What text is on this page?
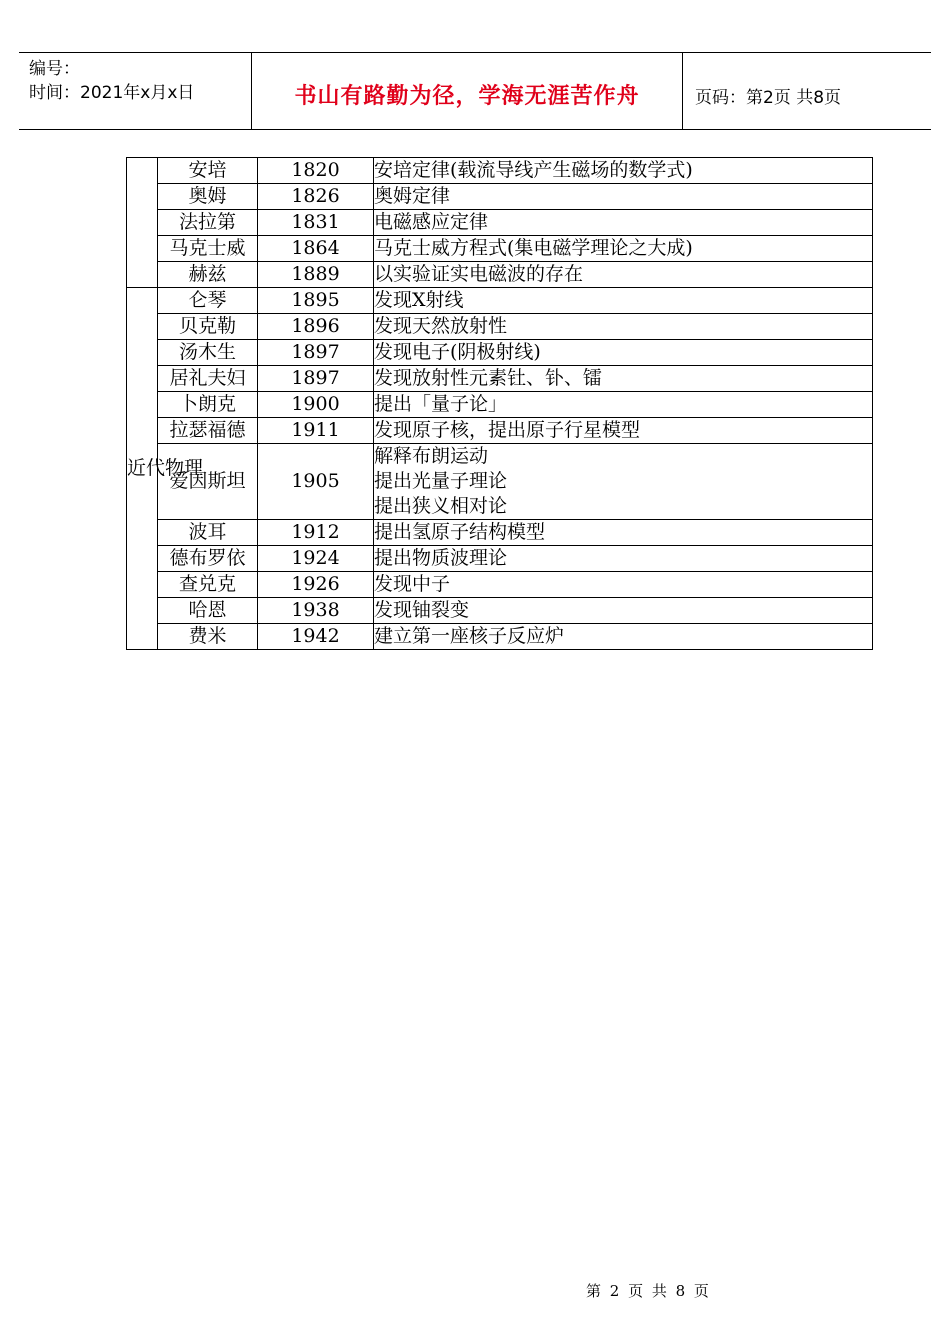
编号：
时间：2021年x月x日	书山有路勤为径，学海无涯苦作舟	页码：第2页 共8页
	安培	1820	安培定律(载流导线产生磁场的数学式)

	奥姆	1826	奥姆定律

	法拉第	1831	电磁感应定律

	马克士威	1864	马克士威方程式(集电磁学理论之大成)

	赫兹	1889	以实验证实电磁波的存在

近代物理	仑琴	1895	发现X射线

	贝克勒	1896	发现天然放射性

	汤木生	1897	发现电子(阴极射线)

	居礼夫妇	1897	发现放射性元素钍、钋、镭

	卜朗克	1900	提出「量子论」

	拉瑟福德	1911	发现原子核，提出原子行星模型

	爱因斯坦	1905	解释布朗运动
提出光量子理论
提出狭义相对论

	波耳	1912	提出氢原子结构模型

	德布罗依	1924	提出物质波理论

	查兑克	1926	发现中子

	哈恩	1938	发现铀裂变

	费米	1942	建立第一座核子反应炉
第 2 页 共 8 页
